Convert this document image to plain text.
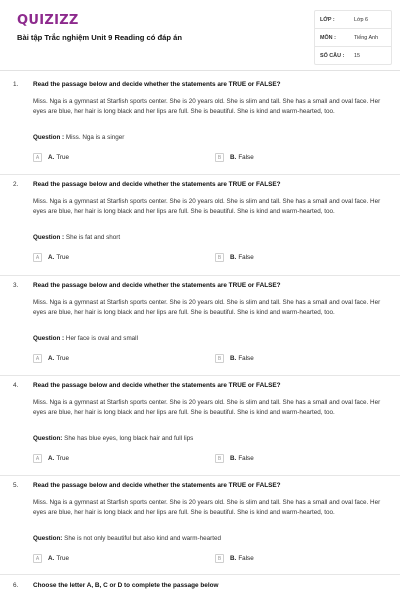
QUIZIZZ
Bài tập Trắc nghiệm Unit 9 Reading có đáp án
LỚP :	Lớp 6
MÔN :	Tiếng Anh
SỐ CÂU :	15
1. Read the passage below and decide whether the statements are TRUE or FALSE?
Miss. Nga is a gymnast at Starfish sports center. She is 20 years old. She is slim and tall. She has a small and oval face. Her eyes are blue, her hair is long black and her lips are full. She is beautiful. She is kind and warm-hearted, too.
Question : Miss. Nga is a singer
A	A. True	B	B. False
2. Read the passage below and decide whether the statements are TRUE or FALSE?
Miss. Nga is a gymnast at Starfish sports center. She is 20 years old. She is slim and tall. She has a small and oval face. Her eyes are blue, her hair is long black and her lips are full. She is beautiful. She is kind and warm-hearted, too.
Question : She is fat and short
A	A. True	B	B. False
3. Read the passage below and decide whether the statements are TRUE or FALSE?
Miss. Nga is a gymnast at Starfish sports center. She is 20 years old. She is slim and tall. She has a small and oval face. Her eyes are blue, her hair is long black and her lips are full. She is beautiful. She is kind and warm-hearted, too.
Question : Her face is oval and small
A	A. True	B	B. False
4. Read the passage below and decide whether the statements are TRUE or FALSE?
Miss. Nga is a gymnast at Starfish sports center. She is 20 years old. She is slim and tall. She has a small and oval face. Her eyes are blue, her hair is long black and her lips are full. She is beautiful. She is kind and warm-hearted, too.
Question: She has blue eyes, long black hair and full lips
A	A. True	B	B. False
5. Read the passage below and decide whether the statements are TRUE or FALSE?
Miss. Nga is a gymnast at Starfish sports center. She is 20 years old. She is slim and tall. She has a small and oval face. Her eyes are blue, her hair is long black and her lips are full. She is beautiful. She is kind and warm-hearted, too.
Question: She is not only beautiful but also kind and warm-hearted
A	A. True	B	B. False
6. Choose the letter A, B, C or D to complete the passage below
